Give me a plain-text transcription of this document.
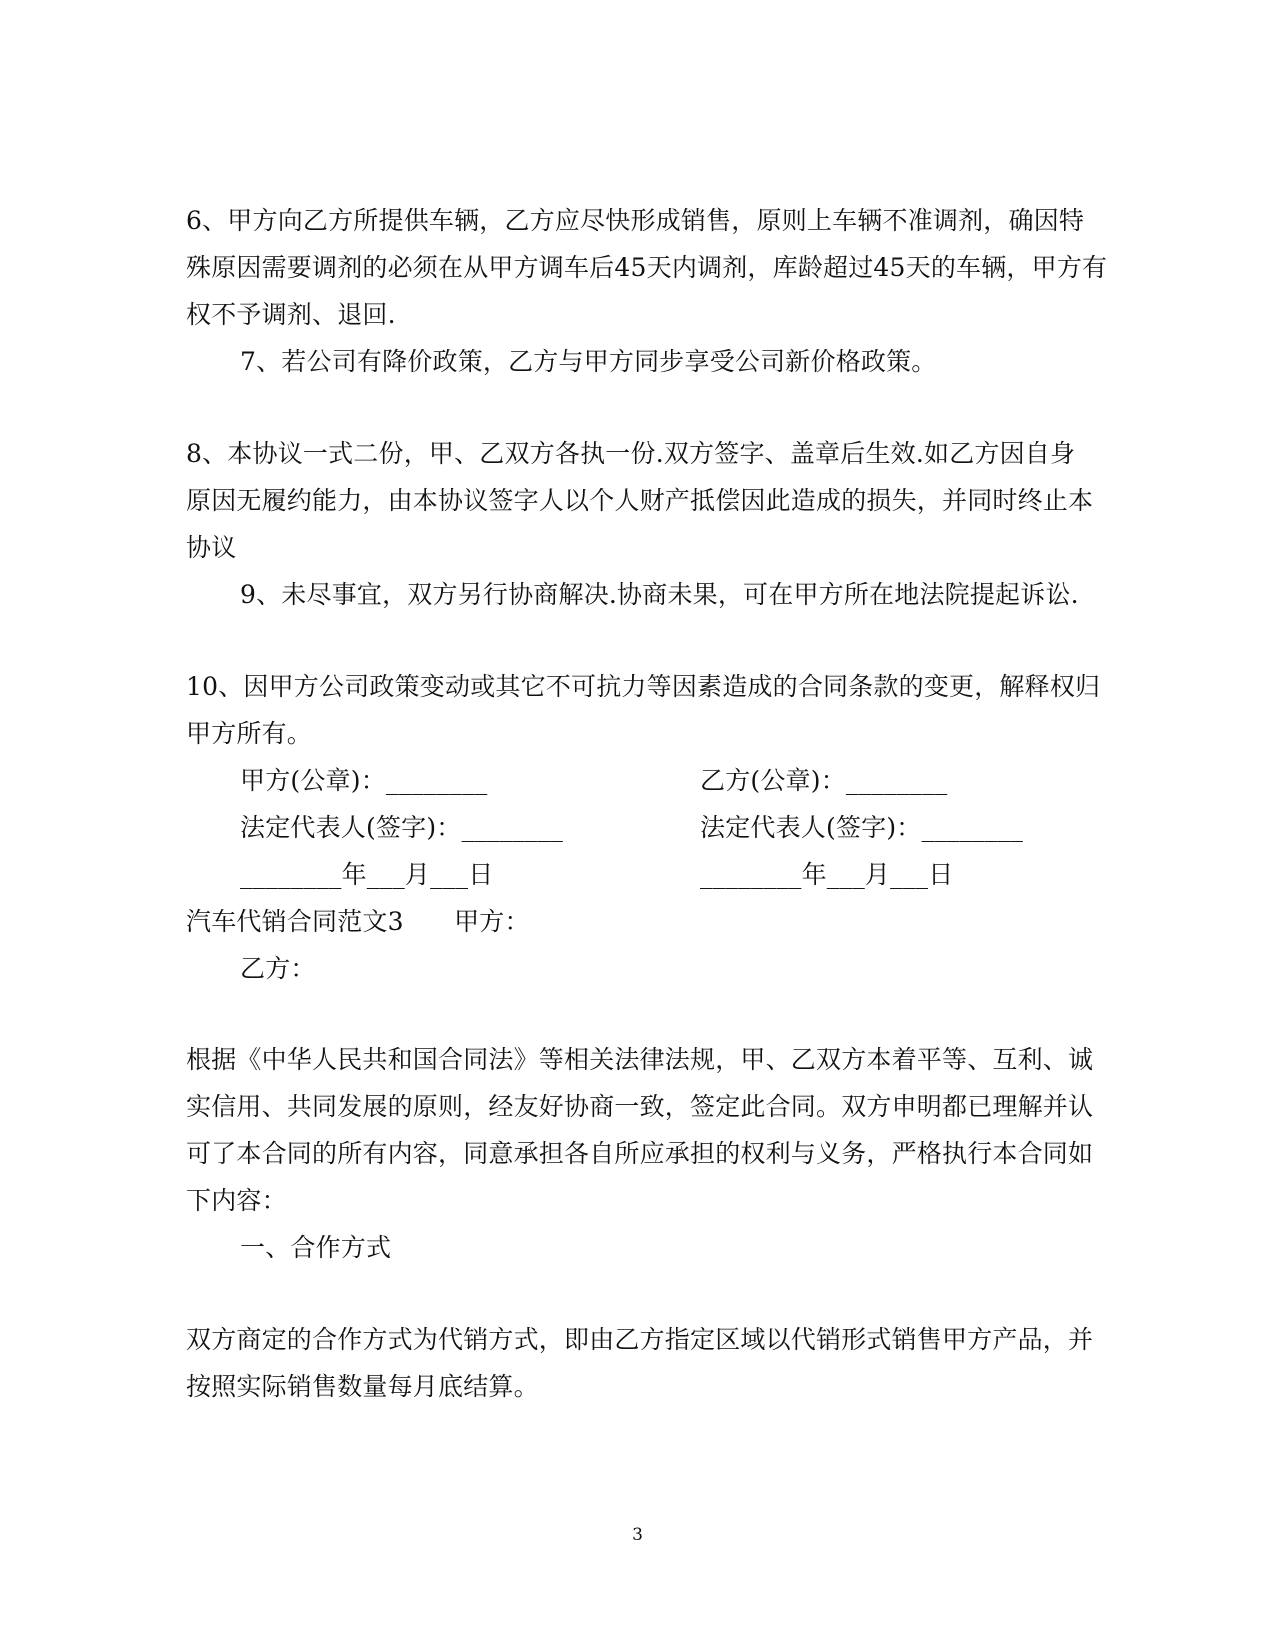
6、甲方向乙方所提供车辆，乙方应尽快形成销售，原则上车辆不准调剂，确因特
殊原因需要调剂的必须在从甲方调车后45天内调剂，库龄超过45天的车辆，甲方有
权不予调剂、退回.
7、若公司有降价政策，乙方与甲方同步享受公司新价格政策。
8、本协议一式二份，甲、乙双方各执一份.双方签字、盖章后生效.如乙方因自身
原因无履约能力，由本协议签字人以个人财产抵偿因此造成的损失，并同时终止本
协议
9、未尽事宜，双方另行协商解决.协商未果，可在甲方所在地法院提起诉讼.
10、因甲方公司政策变动或其它不可抗力等因素造成的合同条款的变更，解释权归
甲方所有。
甲方(公章)：________	乙方(公章)：________
法定代表人(签字)：________	法定代表人(签字)：________
________年___月___日	________年___月___日
汽车代销合同范文3　　甲方：
乙方：
根据《中华人民共和国合同法》等相关法律法规，甲、乙双方本着平等、互利、诚
实信用、共同发展的原则，经友好协商一致，签定此合同。双方申明都已理解并认
可了本合同的所有内容，同意承担各自所应承担的权利与义务，严格执行本合同如
下内容：
一、合作方式
双方商定的合作方式为代销方式，即由乙方指定区域以代销形式销售甲方产品，并
按照实际销售数量每月底结算。
3
